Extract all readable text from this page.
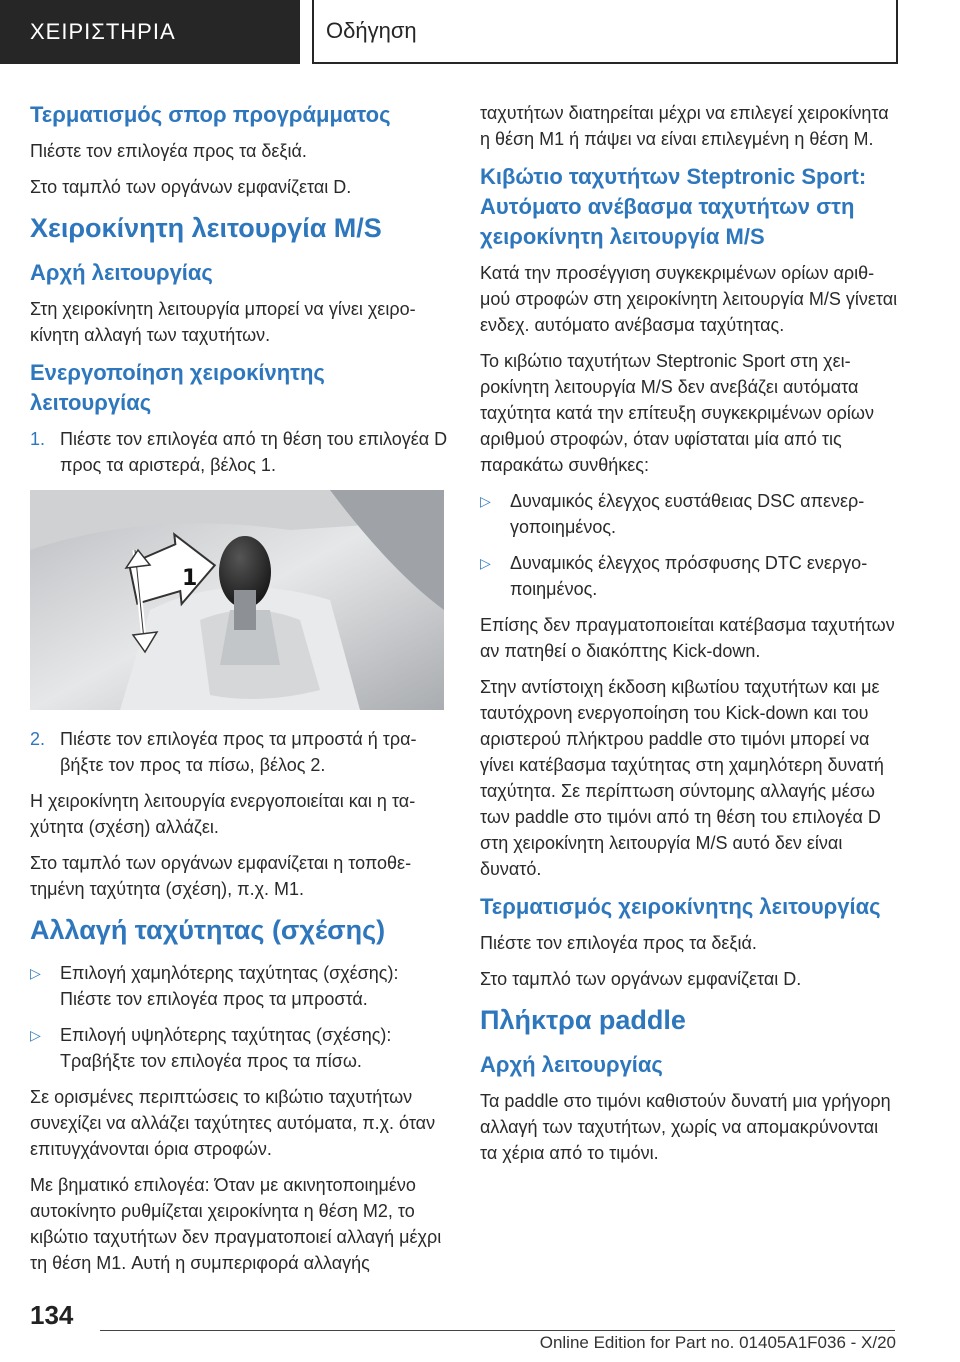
ΧΕΙΡΙΣΤΗΡΙΑ	Οδήγηση
Τερματισμός σπορ προγράμματος

Πιέστε τον επιλογέα προς τα δεξιά.

Στο ταμπλό των οργάνων εμφανίζεται D.

Χειροκίνητη λειτουργία M/S
Αρχή λειτουργίας

Στη χειροκίνητη λειτουργία μπορεί να γίνει χειροκίνητη αλλαγή των ταχυτήτων.

Ενεργοποίηση χειροκίνητης λειτουργίας
1. Πιέστε τον επιλογέα από τη θέση του επιλογέα D προς τα αριστερά, βέλος 1.
1
2. Πιέστε τον επιλογέα προς τα μπροστά ή τραβήξτε τον προς τα πίσω, βέλος 2.

Η χειροκίνητη λειτουργία ενεργοποιείται και η ταχύτητα (σχέση) αλλάζει.

Στο ταμπλό των οργάνων εμφανίζεται η τοποθετημένη ταχύτητα (σχέση), π.χ. M1.

Αλλαγή ταχύτητας (σχέσης)
▷	Επιλογή χαμηλότερης ταχύτητας (σχέσης): Πιέστε τον επιλογέα προς τα μπροστά.
▷	Επιλογή υψηλότερης ταχύτητας (σχέσης): Τραβήξτε τον επιλογέα προς τα πίσω.

Σε ορισμένες περιπτώσεις το κιβώτιο ταχυτήτων συνεχίζει να αλλάζει ταχύτητες αυτόματα, π.χ. όταν επιτυγχάνονται όρια στροφών.

Με βηματικό επιλογέα: Όταν με ακινητοποιημένο αυτοκίνητο ρυθμίζεται χειροκίνητα η θέση M2, το κιβώτιο ταχυτήτων δεν πραγματοποιεί αλλαγή μέχρι τη θέση M1. Αυτή η συμπεριφορά αλλαγής

ταχυτήτων διατηρείται μέχρι να επιλεγεί χειροκίνητα η θέση M1 ή πάψει να είναι επιλεγμένη η θέση M.

Κιβώτιο ταχυτήτων Steptronic Sport: Αυτόματο ανέβασμα ταχυτήτων στη χειροκίνητη λειτουργία M/S

Κατά την προσέγγιση συγκεκριμένων ορίων αριθμού στροφών στη χειροκίνητη λειτουργία M/S γίνεται ενδεχ. αυτόματο ανέβασμα ταχύτητας.

Το κιβώτιο ταχυτήτων Steptronic Sport στη χειροκίνητη λειτουργία M/S δεν ανεβάζει αυτόματα ταχύτητα κατά την επίτευξη συγκεκριμένων ορίων αριθμού στροφών, όταν υφίσταται μία από τις παρακάτω συνθήκες:

▷	Δυναμικός έλεγχος ευστάθειας DSC απενεργοποιημένος.
▷	Δυναμικός έλεγχος πρόσφυσης DTC ενεργοποιημένος.

Επίσης δεν πραγματοποιείται κατέβασμα ταχυτήτων αν πατηθεί ο διακόπτης Kick-down.

Στην αντίστοιχη έκδοση κιβωτίου ταχυτήτων και με ταυτόχρονη ενεργοποίηση του Kick-down και του αριστερού πλήκτρου paddle στο τιμόνι μπορεί να γίνει κατέβασμα ταχύτητας στη χαμηλότερη δυνατή ταχύτητα. Σε περίπτωση σύντομης αλλαγής μέσω των paddle στο τιμόνι από τη θέση του επιλογέα D στη χειροκίνητη λειτουργία M/S αυτό δεν είναι δυνατό.

Τερματισμός χειροκίνητης λειτουργίας

Πιέστε τον επιλογέα προς τα δεξιά.

Στο ταμπλό των οργάνων εμφανίζεται D.

Πλήκτρα paddle
Αρχή λειτουργίας

Τα paddle στο τιμόνι καθιστούν δυνατή μια γρήγορη αλλαγή των ταχυτήτων, χωρίς να απομακρύνονται τα χέρια από το τιμόνι.

134
Online Edition for Part no. 01405A1F036 - X/20
